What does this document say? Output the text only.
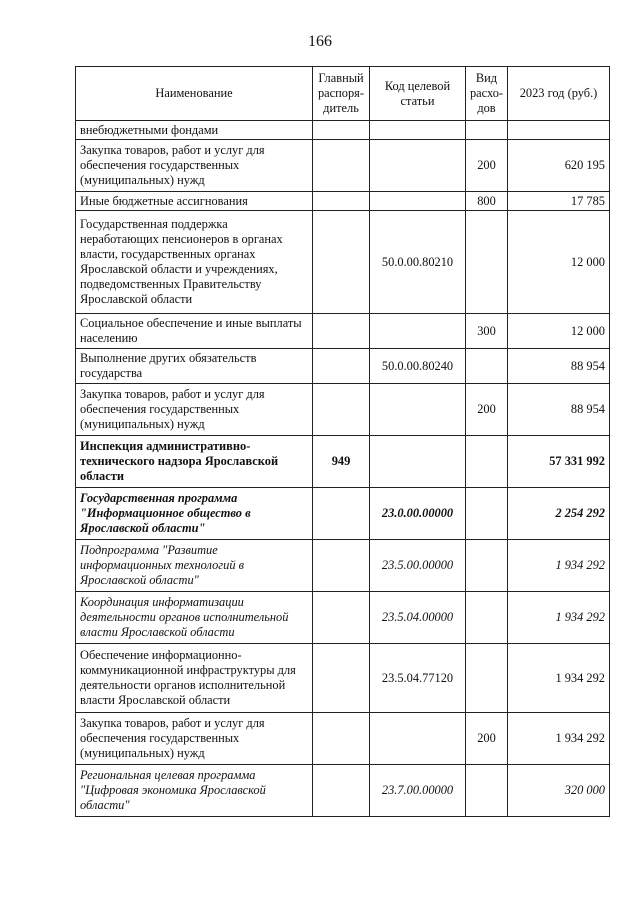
166
Наименование	Главный распоря-дитель	Код целевой статьи	Вид расхо-дов	2023 год (руб.)
внебюджетными фондами				
Закупка товаров, работ и услуг для обеспечения государственных (муниципальных) нужд			200	620 195
Иные бюджетные ассигнования			800	17 785
Государственная поддержка неработающих пенсионеров в органах власти, государственных органах Ярославской области и учреждениях, подведомственных Правительству Ярославской области		50.0.00.80210		12 000
Социальное обеспечение и иные выплаты населению			300	12 000
Выполнение других обязательств государства		50.0.00.80240		88 954
Закупка товаров, работ и услуг для обеспечения государственных (муниципальных) нужд			200	88 954
Инспекция административно-технического надзора Ярославской области	949			57 331 992
Государственная программа "Информационное общество в Ярославской области"		23.0.00.00000		2 254 292
Подпрограмма "Развитие информационных технологий в Ярославской области"		23.5.00.00000		1 934 292
Координация информатизации деятельности органов исполнительной власти Ярославской области		23.5.04.00000		1 934 292
Обеспечение информационно-коммуникационной инфраструктуры для деятельности органов исполнительной власти Ярославской области		23.5.04.77120		1 934 292
Закупка товаров, работ и услуг для обеспечения государственных (муниципальных) нужд			200	1 934 292
Региональная целевая программа "Цифровая экономика Ярославской области"		23.7.00.00000		320 000
